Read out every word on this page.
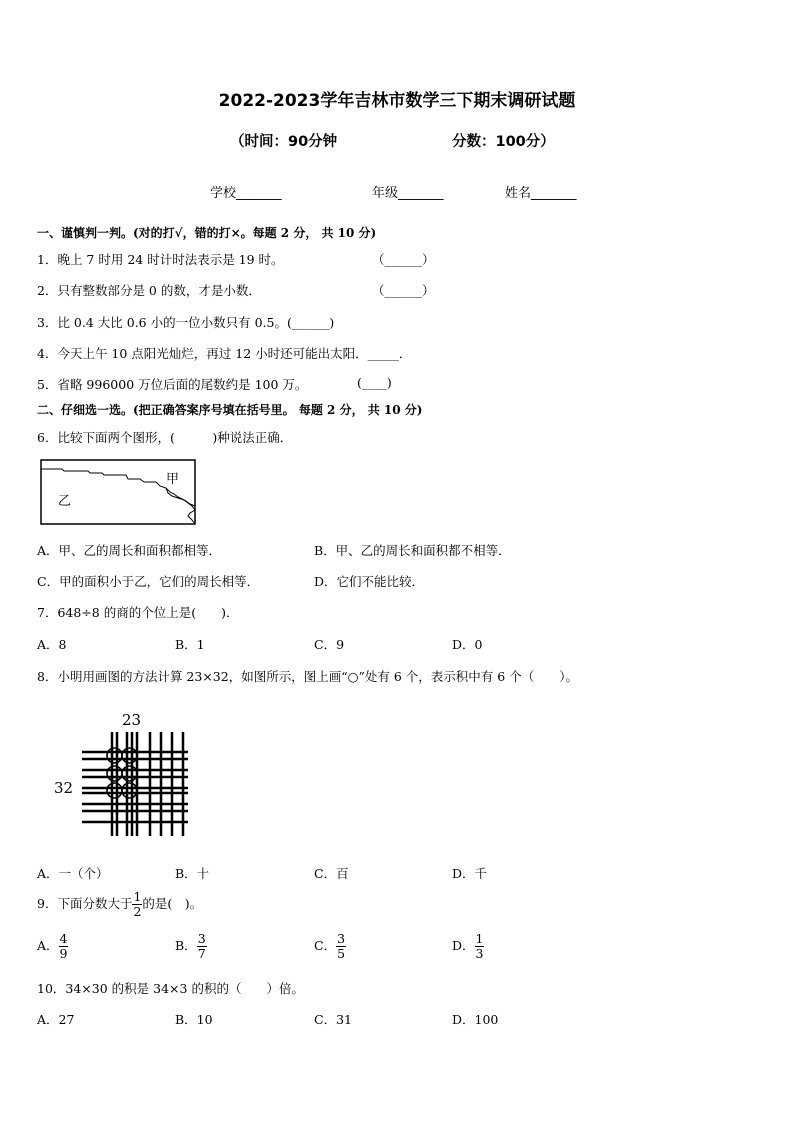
2022-2023学年吉林市数学三下期末调研试题
（时间：90分钟	分数：100分）
学校_______	年级_______	姓名_______
一、谨慎判一判。(对的打√，错的打×。每题 2 分， 共 10 分)
1．晚上 7 时用 24 时计时法表示是 19 时。	（______）
2．只有整数部分是 0 的数，才是小数．	（______）
3．比 0.4 大比 0.6 小的一位小数只有 0.5。(______)
4．今天上午 10 点阳光灿烂，再过 12 小时还可能出太阳．_____．
5．省略 996000 万位后面的尾数约是 100 万。	(____)
二、仔细选一选。(把正确答案序号填在括号里。 每题 2 分， 共 10 分)
6．比较下面两个图形，(　　　)种说法正确．
甲
乙
A．甲、乙的周长和面积都相等．	B．甲、乙的周长和面积都不相等．
C．甲的面积小于乙，它们的周长相等．	D．它们不能比较．
7．648÷8 的商的个位上是(　　)．
A．8	B．1	C．9	D．0
8．小明用画图的方法计算 23×32，如图所示，图上画“○”处有 6 个，表示积中有 6 个（　　）。
23
32
A．一（个）	B．十	C．百	D．千
9．下面分数大于 $\frac{1}{2}$ 的是(　)。
A． $\frac{4}{9}$	B． $\frac{3}{7}$	C． $\frac{3}{5}$	D． $\frac{1}{3}$
10．34×30 的积是 34×3 的积的（　　）倍。
A．27	B．10	C．31	D．100
